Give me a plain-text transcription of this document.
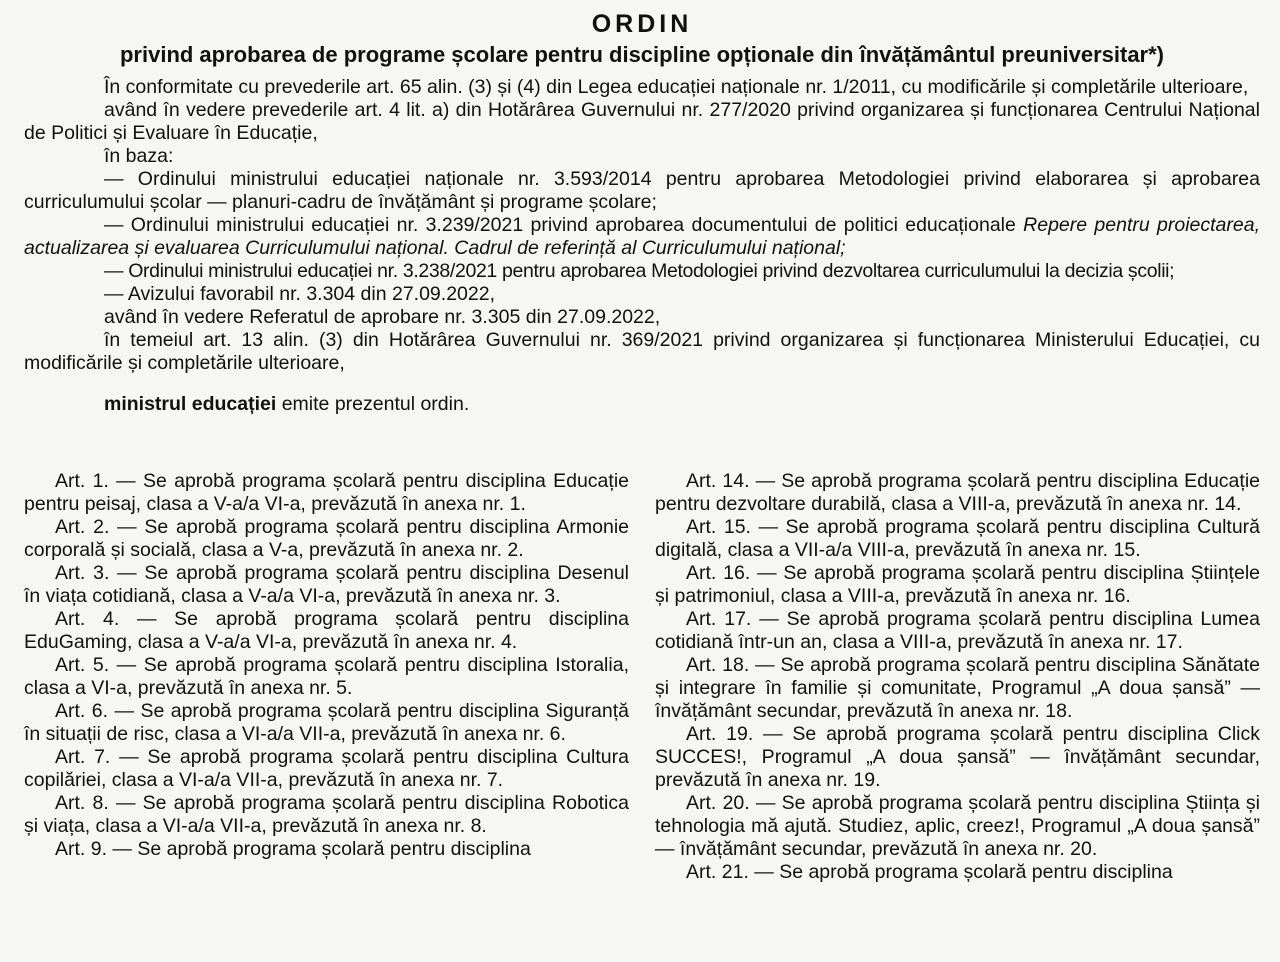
ORDIN
privind aprobarea de programe școlare pentru discipline opționale din învățământul preuniversitar*)

În conformitate cu prevederile art. 65 alin. (3) și (4) din Legea educației naționale nr. 1/2011, cu modificările și completările ulterioare,

având în vedere prevederile art. 4 lit. a) din Hotărârea Guvernului nr. 277/2020 privind organizarea și funcționarea Centrului Național de Politici și Evaluare în Educație,

în baza:

— Ordinului ministrului educației naționale nr. 3.593/2014 pentru aprobarea Metodologiei privind elaborarea și aprobarea curriculumului școlar — planuri-cadru de învățământ și programe școlare;

— Ordinului ministrului educației nr. 3.239/2021 privind aprobarea documentului de politici educaționale Repere pentru proiectarea, actualizarea și evaluarea Curriculumului național. Cadrul de referință al Curriculumului național;

— Ordinului ministrului educației nr. 3.238/2021 pentru aprobarea Metodologiei privind dezvoltarea curriculumului la decizia școlii;

— Avizului favorabil nr. 3.304 din 27.09.2022,

având în vedere Referatul de aprobare nr. 3.305 din 27.09.2022,

în temeiul art. 13 alin. (3) din Hotărârea Guvernului nr. 369/2021 privind organizarea și funcționarea Ministerului Educației, cu modificările și completările ulterioare,

ministrul educației emite prezentul ordin.

Art. 1. — Se aprobă programa școlară pentru disciplina Educație pentru peisaj, clasa a V-a/a VI-a, prevăzută în anexa nr. 1.

Art. 2. — Se aprobă programa școlară pentru disciplina Armonie corporală și socială, clasa a V-a, prevăzută în anexa nr. 2.

Art. 3. — Se aprobă programa școlară pentru disciplina Desenul în viața cotidiană, clasa a V-a/a VI-a, prevăzută în anexa nr. 3.

Art. 4. — Se aprobă programa școlară pentru disciplina EduGaming, clasa a V-a/a VI-a, prevăzută în anexa nr. 4.

Art. 5. — Se aprobă programa școlară pentru disciplina Istoralia, clasa a VI-a, prevăzută în anexa nr. 5.

Art. 6. — Se aprobă programa școlară pentru disciplina Siguranță în situații de risc, clasa a VI-a/a VII-a, prevăzută în anexa nr. 6.

Art. 7. — Se aprobă programa școlară pentru disciplina Cultura copilăriei, clasa a VI-a/a VII-a, prevăzută în anexa nr. 7.

Art. 8. — Se aprobă programa școlară pentru disciplina Robotica și viața, clasa a VI-a/a VII-a, prevăzută în anexa nr. 8.

Art. 9. — Se aprobă programa școlară pentru disciplina

Art. 14. — Se aprobă programa școlară pentru disciplina Educație pentru dezvoltare durabilă, clasa a VIII-a, prevăzută în anexa nr. 14.

Art. 15. — Se aprobă programa școlară pentru disciplina Cultură digitală, clasa a VII-a/a VIII-a, prevăzută în anexa nr. 15.

Art. 16. — Se aprobă programa școlară pentru disciplina Științele și patrimoniul, clasa a VIII-a, prevăzută în anexa nr. 16.

Art. 17. — Se aprobă programa școlară pentru disciplina Lumea cotidiană într-un an, clasa a VIII-a, prevăzută în anexa nr. 17.

Art. 18. — Se aprobă programa școlară pentru disciplina Sănătate și integrare în familie și comunitate, Programul „A doua șansă” — învățământ secundar, prevăzută în anexa nr. 18.

Art. 19. — Se aprobă programa școlară pentru disciplina Click SUCCES!, Programul „A doua șansă” — învățământ secundar, prevăzută în anexa nr. 19.

Art. 20. — Se aprobă programa școlară pentru disciplina Știința și tehnologia mă ajută. Studiez, aplic, creez!, Programul „A doua șansă” — învățământ secundar, prevăzută în anexa nr. 20.

Art. 21. — Se aprobă programa școlară pentru disciplina
